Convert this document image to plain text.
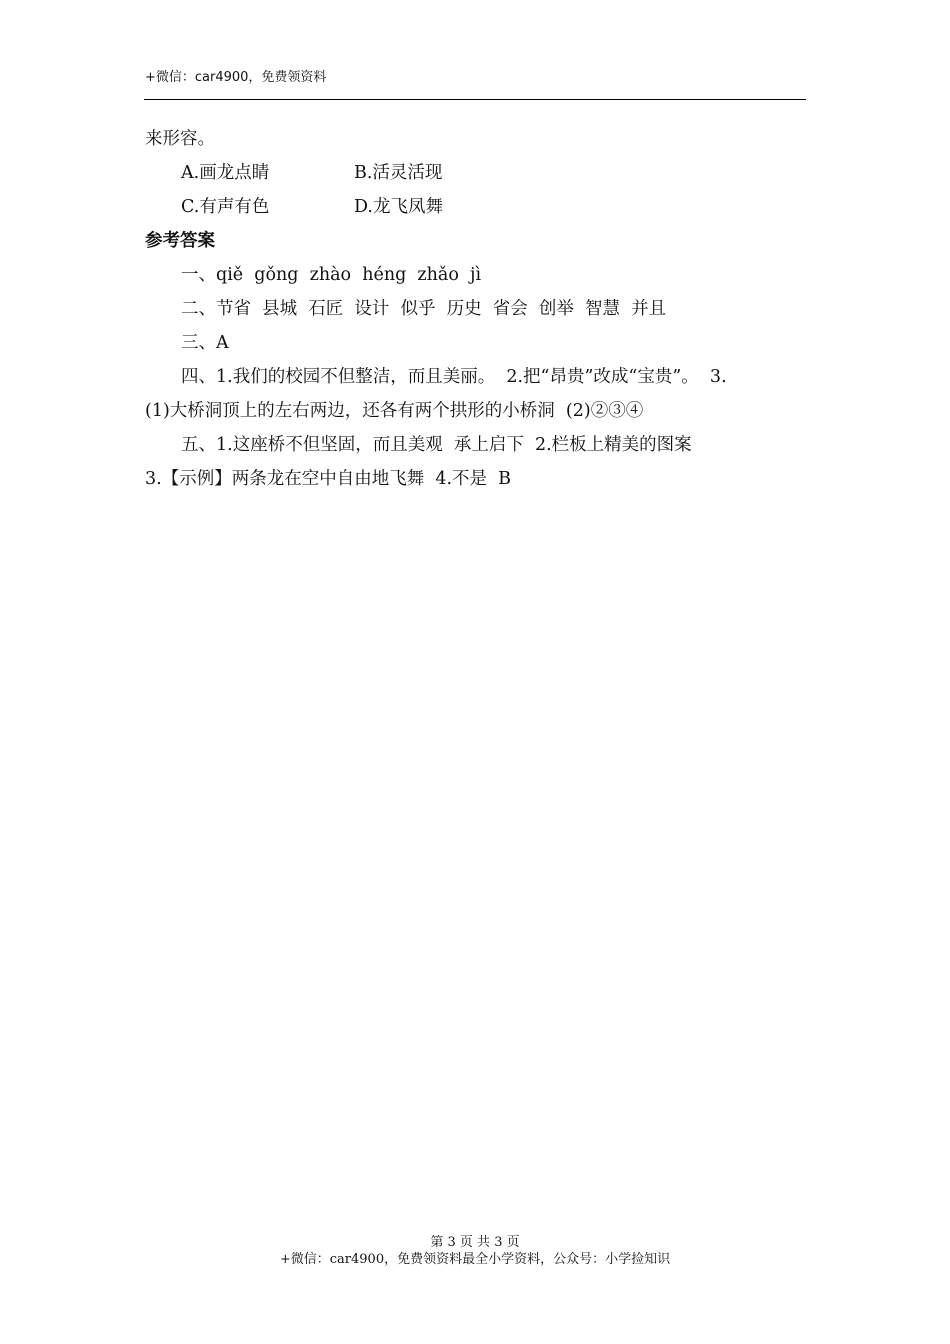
+微信：car4900，免费领资料
来形容。
A.画龙点睛	B.活灵活现
C.有声有色	D.龙飞凤舞
参考答案
一、qiě  gǒng  zhào  héng  zhǎo  jì
二、节省  县城  石匠  设计  似乎  历史  省会  创举  智慧  并且
三、A
四、1.我们的校园不但整洁，而且美丽。  2.把“昂贵”改成“宝贵”。  3.
(1)大桥洞顶上的左右两边，还各有两个拱形的小桥洞  (2)②③④
五、1.这座桥不但坚固，而且美观  承上启下  2.栏板上精美的图案
3.【示例】两条龙在空中自由地飞舞  4.不是  B
第 3 页 共 3 页
+微信：car4900，免费领资料最全小学资料，公众号：小学捡知识
